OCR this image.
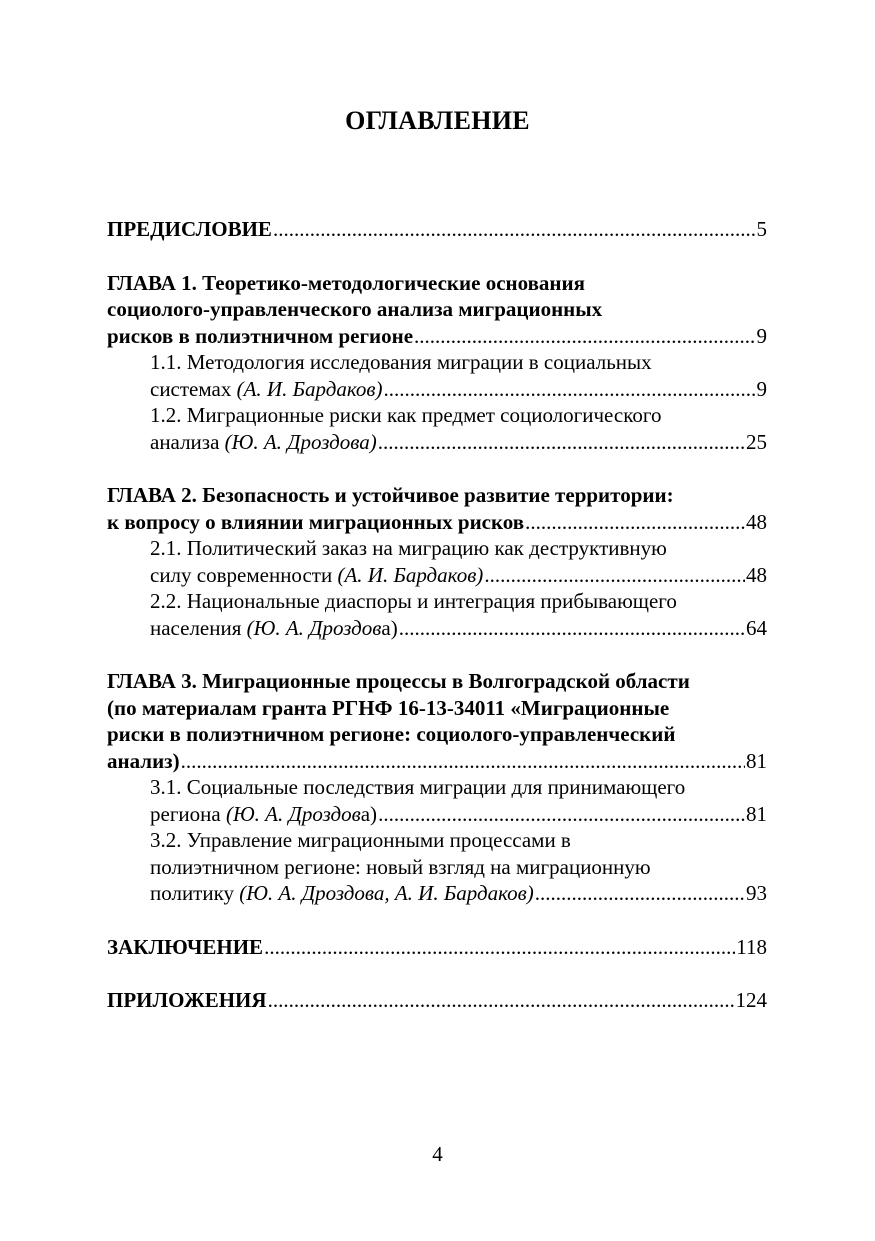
ОГЛАВЛЕНИЕ
ПРЕДИСЛОВИЕ .....	5
ГЛАВА 1. Теоретико-методологические основания
социолого-управленческого анализа миграционных
рисков в полиэтничном регионе .....	9
1.1. Методология исследования миграции в социальных
системах (А. И. Бардаков) .....	9
1.2. Миграционные риски как предмет социологического
анализа (Ю. А. Дроздова) .....	25
ГЛАВА 2. Безопасность и устойчивое развитие территории:
к вопросу о влиянии миграционных рисков .....	48
2.1. Политический заказ на миграцию как деструктивную
силу современности (А. И. Бардаков) .....	48
2.2. Национальные диаспоры и интеграция прибывающего
населения (Ю. А. Дроздова) .....	64
ГЛАВА 3. Миграционные процессы в Волгоградской области
(по материалам гранта РГНФ 16-13-34011 «Миграционные
риски в полиэтничном регионе: социолого-управленческий
анализ) .....	81
3.1. Социальные последствия миграции для принимающего
региона (Ю. А. Дроздова) .....	81
3.2. Управление миграционными процессами в
полиэтничном регионе: новый взгляд на миграционную
политику (Ю. А. Дроздова, А. И. Бардаков) .....	93
ЗАКЛЮЧЕНИЕ .....	118
ПРИЛОЖЕНИЯ .....	124
4
